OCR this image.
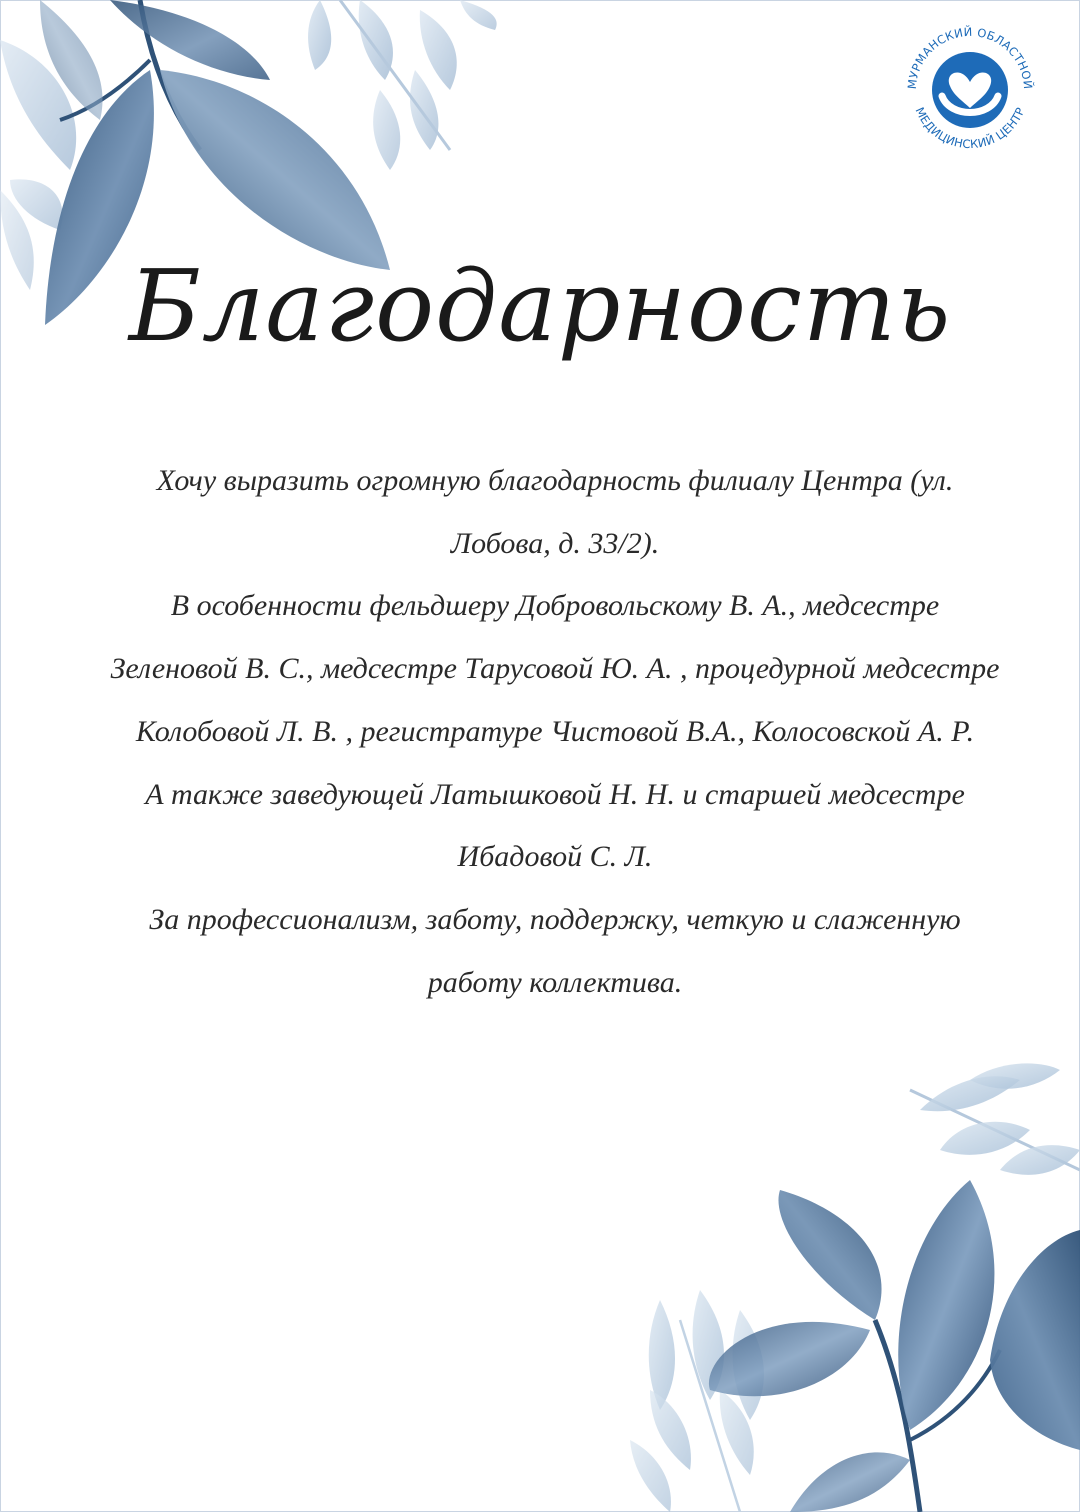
МУРМАНСКИЙ ОБЛАСТНОЙ
МЕДИЦИНСКИЙ ЦЕНТР
Благодарность
Хочу выразить огромную благодарность филиалу Центра (ул.
Лобова, д. 33/2).
В особенности фельдшеру Добровольскому В. А., медсестре
Зеленовой В. С., медсестре Тарусовой Ю. А. , процедурной медсестре
Колобовой Л. В. , регистратуре Чистовой В.А., Колосовской А. Р.
А также заведующей Латышковой Н. Н. и старшей медсестре
Ибадовой С. Л.
За профессионализм, заботу, поддержку, четкую и слаженную
работу коллектива.
